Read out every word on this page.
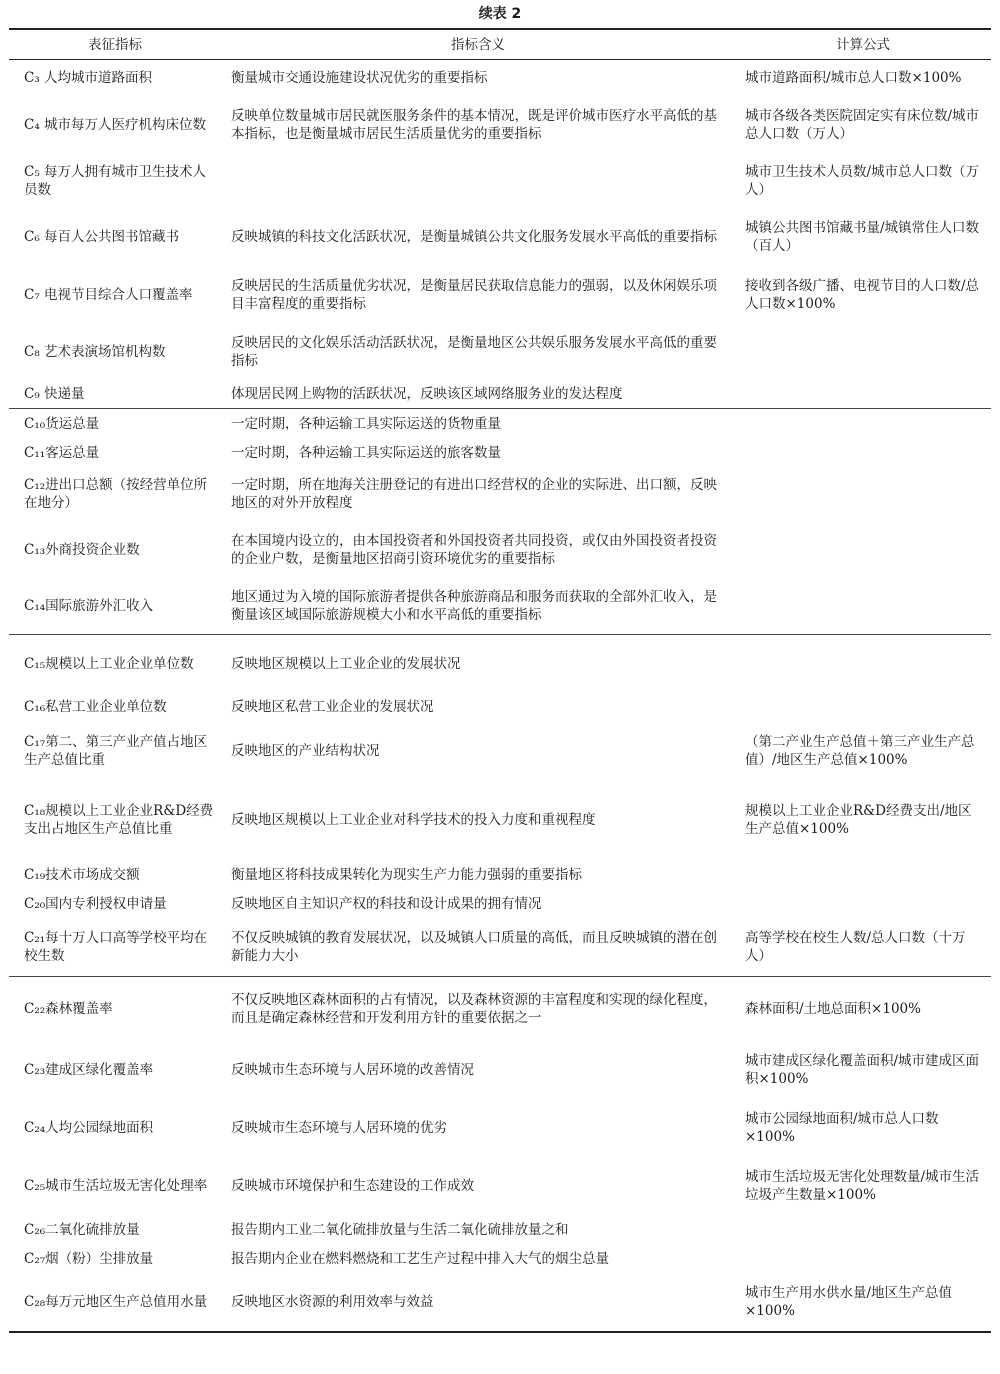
续表 2
表征指标	指标含义	计算公式
C₃ 人均城市道路面积	衡量城市交通设施建设状况优劣的重要指标	城市道路面积/城市总人口数×100%
C₄ 城市每万人医疗机构床位数	反映单位数量城市居民就医服务条件的基本情况，既是评价城市医疗水平高低的基本指标，也是衡量城市居民生活质量优劣的重要指标	城市各级各类医院固定实有床位数/城市总人口数（万人）
C₅ 每万人拥有城市卫生技术人员数		城市卫生技术人员数/城市总人口数（万人）
C₆ 每百人公共图书馆藏书	反映城镇的科技文化活跃状况，是衡量城镇公共文化服务发展水平高低的重要指标	城镇公共图书馆藏书量/城镇常住人口数（百人）
C₇ 电视节目综合人口覆盖率	反映居民的生活质量优劣状况，是衡量居民获取信息能力的强弱，以及休闲娱乐项目丰富程度的重要指标	接收到各级广播、电视节目的人口数/总人口数×100%
C₈ 艺术表演场馆机构数	反映居民的文化娱乐活动活跃状况，是衡量地区公共娱乐服务发展水平高低的重要指标	
C₉ 快递量	体现居民网上购物的活跃状况，反映该区域网络服务业的发达程度	
C₁₀货运总量	一定时期，各种运输工具实际运送的货物重量	
C₁₁客运总量	一定时期，各种运输工具实际运送的旅客数量	
C₁₂进出口总额（按经营单位所在地分）	一定时期，所在地海关注册登记的有进出口经营权的企业的实际进、出口额，反映地区的对外开放程度	
C₁₃外商投资企业数	在本国境内设立的，由本国投资者和外国投资者共同投资，或仅由外国投资者投资的企业户数，是衡量地区招商引资环境优劣的重要指标	
C₁₄国际旅游外汇收入	地区通过为入境的国际旅游者提供各种旅游商品和服务而获取的全部外汇收入，是衡量该区域国际旅游规模大小和水平高低的重要指标	
C₁₅规模以上工业企业单位数	反映地区规模以上工业企业的发展状况	
C₁₆私营工业企业单位数	反映地区私营工业企业的发展状况	
C₁₇第二、第三产业产值占地区生产总值比重	反映地区的产业结构状况	（第二产业生产总值＋第三产业生产总值）/地区生产总值×100%
C₁₈规模以上工业企业R&D经费支出占地区生产总值比重	反映地区规模以上工业企业对科学技术的投入力度和重视程度	规模以上工业企业R&D经费支出/地区生产总值×100%
C₁₉技术市场成交额	衡量地区将科技成果转化为现实生产力能力强弱的重要指标	
C₂₀国内专利授权申请量	反映地区自主知识产权的科技和设计成果的拥有情况	
C₂₁每十万人口高等学校平均在校生数	不仅反映城镇的教育发展状况，以及城镇人口质量的高低，而且反映城镇的潜在创新能力大小	高等学校在校生人数/总人口数（十万人）
C₂₂森林覆盖率	不仅反映地区森林面积的占有情况，以及森林资源的丰富程度和实现的绿化程度，而且是确定森林经营和开发利用方针的重要依据之一	森林面积/土地总面积×100%
C₂₃建成区绿化覆盖率	反映城市生态环境与人居环境的改善情况	城市建成区绿化覆盖面积/城市建成区面积×100%
C₂₄人均公园绿地面积	反映城市生态环境与人居环境的优劣	城市公园绿地面积/城市总人口数×100%
C₂₅城市生活垃圾无害化处理率	反映城市环境保护和生态建设的工作成效	城市生活垃圾无害化处理数量/城市生活垃圾产生数量×100%
C₂₆二氧化硫排放量	报告期内工业二氧化硫排放量与生活二氧化硫排放量之和	
C₂₇烟（粉）尘排放量	报告期内企业在燃料燃烧和工艺生产过程中排入大气的烟尘总量	
C₂₈每万元地区生产总值用水量	反映地区水资源的利用效率与效益	城市生产用水供水量/地区生产总值×100%
